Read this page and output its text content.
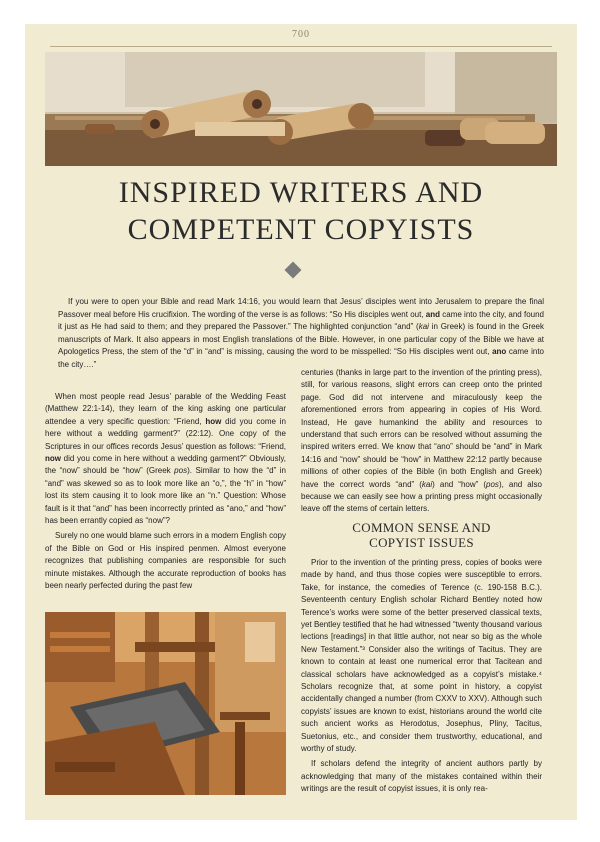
700
INSPIRED WRITERS AND
COMPETENT COPYISTS

If you were to open your Bible and read Mark 14:16, you would learn that Jesus’ disciples went into Jerusalem to prepare the final Passover meal before His crucifixion. The wording of the verse is as follows: “So His disciples went out, and came into the city, and found it just as He had said to them; and they prepared the Passover.” The highlighted conjunction “and” (kai in Greek) is found in the Greek manuscripts of Mark. It also appears in most English translations of the Bible. However, in one particular copy of the Bible we have at Apologetics Press, the stem of the “d” in “and” is missing, causing the word to be misspelled: “So His disciples went out, ano came into the city….”

When most people read Jesus’ parable of the Wedding Feast (Matthew 22:1-14), they learn of the king asking one particular attendee a very specific question: “Friend, how did you come in here without a wedding garment?” (22:12). One copy of the Scriptures in our offices records Jesus’ question as follows: “Friend, now did you come in here without a wedding garment?” Obviously, the “now” should be “how” (Greek pos). Similar to how the “d” in “and” was skewed so as to look more like an “o,”, the “h” in “how” lost its stem causing it to look more like an “n.” Question: Whose fault is it that “and” has been incorrectly printed as “ano,” and “how” has been errantly copied as “now”?

Surely no one would blame such errors in a modern English copy of the Bible on God or His inspired penmen. Almost everyone recognizes that publishing companies are responsible for such minute mistakes. Although the accurate reproduction of books has been nearly perfected during the past few

centuries (thanks in large part to the invention of the printing press), still, for various reasons, slight errors can creep onto the printed page. God did not intervene and miraculously keep the aforementioned errors from appearing in copies of His Word. Instead, He gave humankind the ability and resources to understand that such errors can be resolved without assuming the inspired writers erred. We know that “ano” should be “and” in Mark 14:16 and “now” should be “how” in Matthew 22:12 partly because millions of other copies of the Bible (in both English and Greek) have the correct words “and” (kai) and “how” (pos), and also because we can easily see how a printing press might occasionally leave off the stems of certain letters.

COMMON SENSE AND
COPYIST ISSUES

Prior to the invention of the printing press, copies of books were made by hand, and thus those copies were susceptible to errors. Take, for instance, the comedies of Terence (c. 190-158 B.C.). Seventeenth century English scholar Richard Bentley noted how Terence’s works were some of the better preserved classical texts, yet Bentley testified that he had witnessed “twenty thousand various lections [readings] in that little author, not near so big as the whole New Testament.”³ Consider also the writings of Tacitus. They are known to contain at least one numerical error that Tacitean and classical scholars have acknowledged as a copyist’s mistake.⁴ Scholars recognize that, at some point in history, a copyist accidentally changed a number (from CXXV to XXV). Although such copyists’ issues are known to exist, historians around the world cite such ancient works as Herodotus, Josephus, Pliny, Tacitus, Suetonius, etc., and consider them trustworthy, educational, and worthy of study.

If scholars defend the integrity of ancient authors partly by acknowledging that many of the mistakes contained within their writings are the result of copyist issues, it is only rea-
